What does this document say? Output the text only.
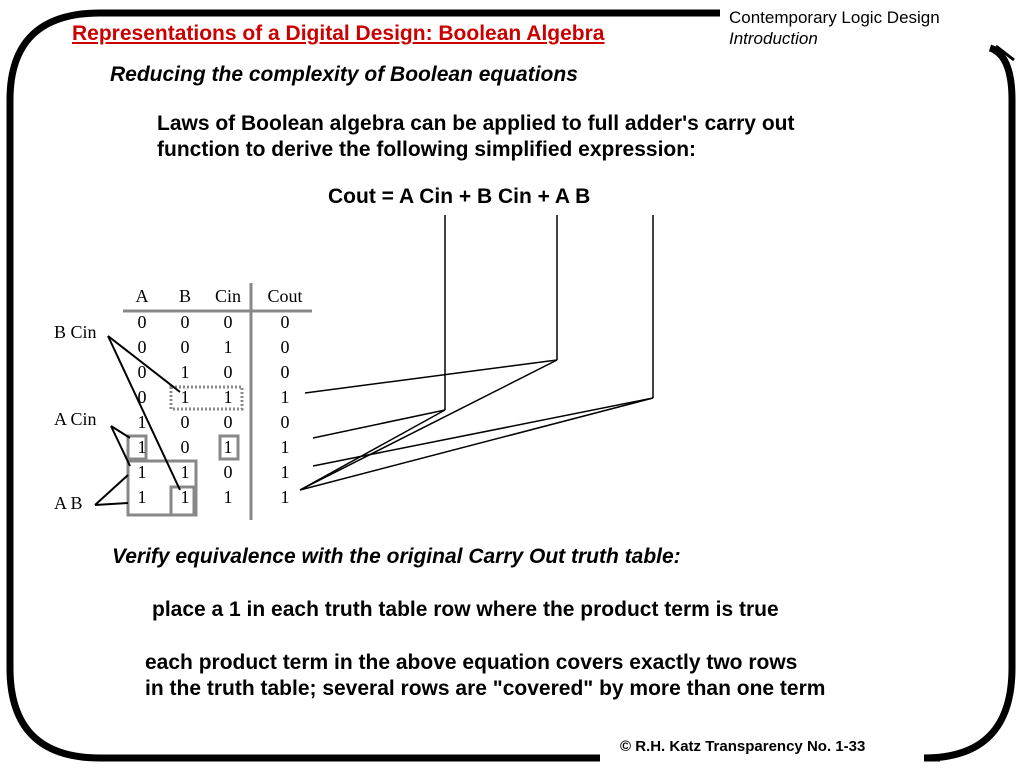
Representations of a Digital Design: Boolean Algebra
Contemporary Logic Design
Introduction
Reducing the complexity of Boolean equations
Laws of Boolean algebra can be applied to full adder's carry out
function to derive the following simplified expression:
Cout = A Cin + B Cin + A B
A B Cin Cout
0 0 0	0
0 0 1	0
0 1 0	0
0 1 1	1
1 0 0	0
1 0 1	1
1 1 0	1
1 1 1	1
B Cin
A Cin
A B
Verify equivalence with the original Carry Out truth table:
place a 1 in each truth table row where the product term is true
each product term in the above equation covers exactly two rows
in the truth table; several rows are "covered" by more than one term
© R.H. Katz Transparency No. 1-33
